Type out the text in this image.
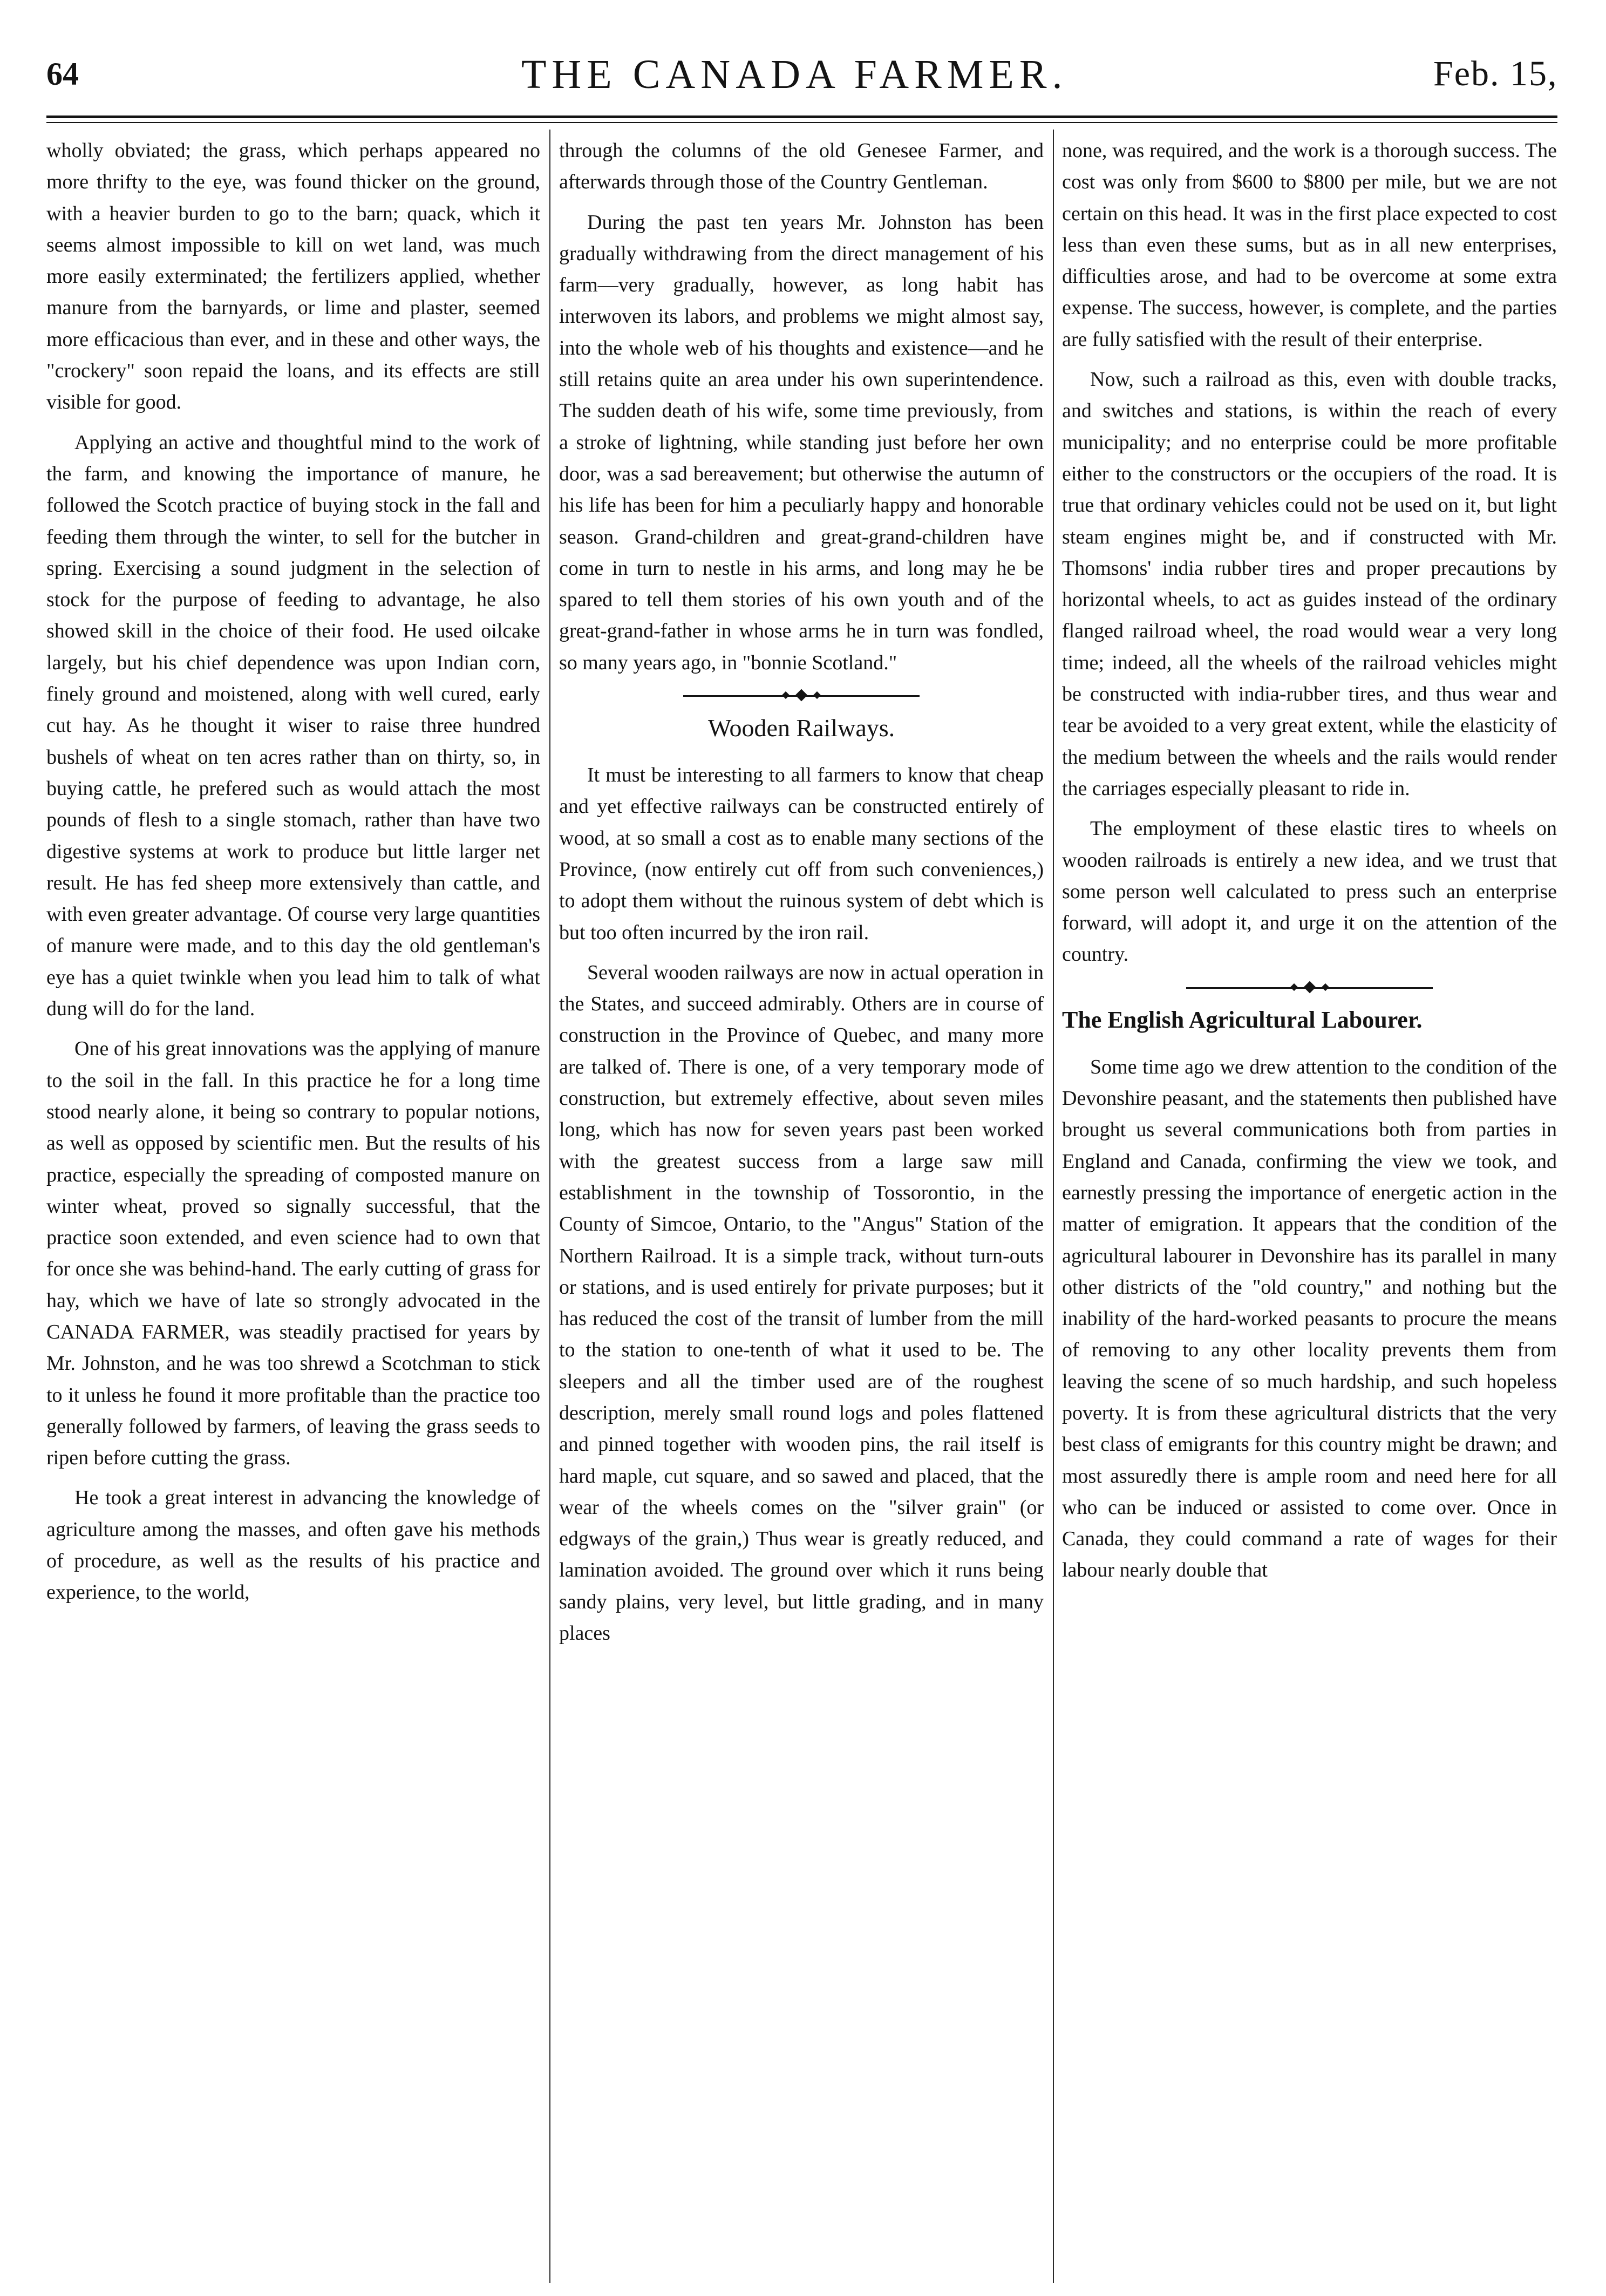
64	THE CANADA FARMER.	Feb. 15,

wholly obviated; the grass, which perhaps appeared no more thrifty to the eye, was found thicker on the ground, with a heavier burden to go to the barn; quack, which it seems almost impossible to kill on wet land, was much more easily exterminated; the fertilizers applied, whether manure from the barnyards, or lime and plaster, seemed more efficacious than ever, and in these and other ways, the "crockery" soon repaid the loans, and its effects are still visible for good.

Applying an active and thoughtful mind to the work of the farm, and knowing the importance of manure, he followed the Scotch practice of buying stock in the fall and feeding them through the winter, to sell for the butcher in spring. Exercising a sound judgment in the selection of stock for the purpose of feeding to advantage, he also showed skill in the choice of their food. He used oilcake largely, but his chief dependence was upon Indian corn, finely ground and moistened, along with well cured, early cut hay. As he thought it wiser to raise three hundred bushels of wheat on ten acres rather than on thirty, so, in buying cattle, he prefered such as would attach the most pounds of flesh to a single stomach, rather than have two digestive systems at work to produce but little larger net result. He has fed sheep more extensively than cattle, and with even greater advantage. Of course very large quantities of manure were made, and to this day the old gentleman's eye has a quiet twinkle when you lead him to talk of what dung will do for the land.

One of his great innovations was the applying of manure to the soil in the fall. In this practice he for a long time stood nearly alone, it being so contrary to popular notions, as well as opposed by scientific men. But the results of his practice, especially the spreading of composted manure on winter wheat, proved so signally successful, that the practice soon extended, and even science had to own that for once she was behind-hand. The early cutting of grass for hay, which we have of late so strongly advocated in the CANADA FARMER, was steadily practised for years by Mr. Johnston, and he was too shrewd a Scotchman to stick to it unless he found it more profitable than the practice too generally followed by farmers, of leaving the grass seeds to ripen before cutting the grass.

He took a great interest in advancing the knowledge of agriculture among the masses, and often gave his methods of procedure, as well as the results of his practice and experience, to the world,

through the columns of the old Genesee Farmer, and afterwards through those of the Country Gentleman.

During the past ten years Mr. Johnston has been gradually withdrawing from the direct management of his farm—very gradually, however, as long habit has interwoven its labors, and problems we might almost say, into the whole web of his thoughts and existence—and he still retains quite an area under his own superintendence. The sudden death of his wife, some time previously, from a stroke of lightning, while standing just before her own door, was a sad bereavement; but otherwise the autumn of his life has been for him a peculiarly happy and honorable season. Grand-children and great-grand-children have come in turn to nestle in his arms, and long may he be spared to tell them stories of his own youth and of the great-grand-father in whose arms he in turn was fondled, so many years ago, in "bonnie Scotland."

Wooden Railways.

It must be interesting to all farmers to know that cheap and yet effective railways can be constructed entirely of wood, at so small a cost as to enable many sections of the Province, (now entirely cut off from such conveniences,) to adopt them without the ruinous system of debt which is but too often incurred by the iron rail.

Several wooden railways are now in actual operation in the States, and succeed admirably. Others are in course of construction in the Province of Quebec, and many more are talked of. There is one, of a very temporary mode of construction, but extremely effective, about seven miles long, which has now for seven years past been worked with the greatest success from a large saw mill establishment in the township of Tossorontio, in the County of Simcoe, Ontario, to the "Angus" Station of the Northern Railroad. It is a simple track, without turn-outs or stations, and is used entirely for private purposes; but it has reduced the cost of the transit of lumber from the mill to the station to one-tenth of what it used to be. The sleepers and all the timber used are of the roughest description, merely small round logs and poles flattened and pinned together with wooden pins, the rail itself is hard maple, cut square, and so sawed and placed, that the wear of the wheels comes on the "silver grain" (or edgways of the grain,) Thus wear is greatly reduced, and lamination avoided. The ground over which it runs being sandy plains, very level, but little grading, and in many places

none, was required, and the work is a thorough success. The cost was only from $600 to $800 per mile, but we are not certain on this head. It was in the first place expected to cost less than even these sums, but as in all new enterprises, difficulties arose, and had to be overcome at some extra expense. The success, however, is complete, and the parties are fully satisfied with the result of their enterprise.

Now, such a railroad as this, even with double tracks, and switches and stations, is within the reach of every municipality; and no enterprise could be more profitable either to the constructors or the occupiers of the road. It is true that ordinary vehicles could not be used on it, but light steam engines might be, and if constructed with Mr. Thomsons' india rubber tires and proper precautions by horizontal wheels, to act as guides instead of the ordinary flanged railroad wheel, the road would wear a very long time; indeed, all the wheels of the railroad vehicles might be constructed with india-rubber tires, and thus wear and tear be avoided to a very great extent, while the elasticity of the medium between the wheels and the rails would render the carriages especially pleasant to ride in.

The employment of these elastic tires to wheels on wooden railroads is entirely a new idea, and we trust that some person well calculated to press such an enterprise forward, will adopt it, and urge it on the attention of the country.

The English Agricultural Labourer.

Some time ago we drew attention to the condition of the Devonshire peasant, and the statements then published have brought us several communications both from parties in England and Canada, confirming the view we took, and earnestly pressing the importance of energetic action in the matter of emigration. It appears that the condition of the agricultural labourer in Devonshire has its parallel in many other districts of the "old country," and nothing but the inability of the hard-worked peasants to procure the means of removing to any other locality prevents them from leaving the scene of so much hardship, and such hopeless poverty. It is from these agricultural districts that the very best class of emigrants for this country might be drawn; and most assuredly there is ample room and need here for all who can be induced or assisted to come over. Once in Canada, they could command a rate of wages for their labour nearly double that
